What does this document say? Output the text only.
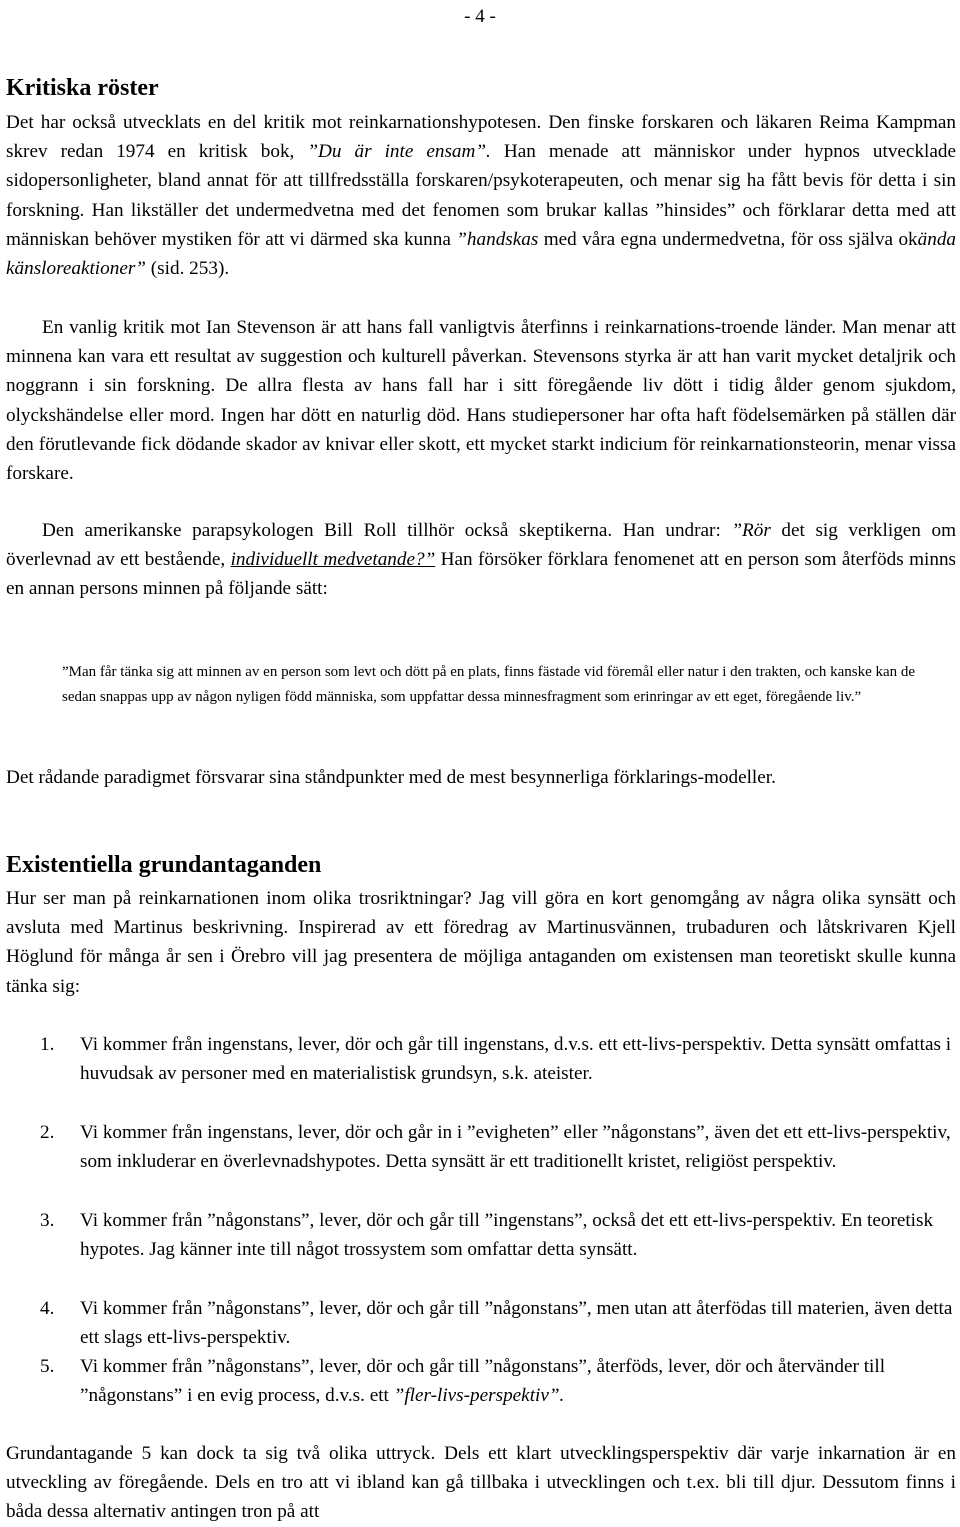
- 4 -
Kritiska röster

Det har också utvecklats en del kritik mot reinkarnationshypotesen. Den finske forskaren och läkaren Reima Kampman skrev redan 1974 en kritisk bok, ”Du är inte ensam”. Han menade att människor under hypnos utvecklade sidopersonligheter, bland annat för att tillfredsställa forskaren/psykoterapeuten, och menar sig ha fått bevis för detta i sin forskning. Han likställer det undermedvetna med det fenomen som brukar kallas ”hinsides” och förklarar detta med att människan behöver mystiken för att vi därmed ska kunna ”handskas med våra egna undermedvetna, för oss själva okända känsloreaktioner” (sid. 253).

En vanlig kritik mot Ian Stevenson är att hans fall vanligtvis återfinns i reinkarnations-troende länder. Man menar att minnena kan vara ett resultat av suggestion och kulturell påverkan. Stevensons styrka är att han varit mycket detaljrik och noggrann i sin forskning. De allra flesta av hans fall har i sitt föregående liv dött i tidig ålder genom sjukdom, olyckshändelse eller mord. Ingen har dött en naturlig död. Hans studiepersoner har ofta haft födelsemärken på ställen där den förutlevande fick dödande skador av knivar eller skott, ett mycket starkt indicium för reinkarnationsteorin, menar vissa forskare.

Den amerikanske parapsykologen Bill Roll tillhör också skeptikerna. Han undrar: ”Rör det sig verkligen om överlevnad av ett bestående, individuellt medvetande?” Han försöker förklara fenomenet att en person som återföds minns en annan persons minnen på följande sätt:

”Man får tänka sig att minnen av en person som levt och dött på en plats, finns fästade vid föremål eller natur i den trakten, och kanske kan de sedan snappas upp av någon nyligen född människa, som uppfattar dessa minnesfragment som erinringar av ett eget, föregående liv.”

Det rådande paradigmet försvarar sina ståndpunkter med de mest besynnerliga förklarings-modeller.

Existentiella grundantaganden

Hur ser man på reinkarnationen inom olika trosriktningar? Jag vill göra en kort genomgång av några olika synsätt och avsluta med Martinus beskrivning. Inspirerad av ett föredrag av Martinusvännen, trubaduren och låtskrivaren Kjell Höglund för många år sen i Örebro vill jag presentera de möjliga antaganden om existensen man teoretiskt skulle kunna tänka sig:

1. Vi kommer från ingenstans, lever, dör och går till ingenstans, d.v.s. ett ett-livs-perspektiv. Detta synsätt omfattas i huvudsak av personer med en materialistisk grundsyn, s.k. ateister.
2. Vi kommer från ingenstans, lever, dör och går in i ”evigheten” eller ”någonstans”, även det ett ett-livs-perspektiv, som inkluderar en överlevnadshypotes. Detta synsätt är ett traditionellt kristet, religiöst perspektiv.
3. Vi kommer från ”någonstans”, lever, dör och går till ”ingenstans”, också det ett ett-livs-perspektiv. En teoretisk hypotes. Jag känner inte till något trossystem som omfattar detta synsätt.
4. Vi kommer från ”någonstans”, lever, dör och går till ”någonstans”, men utan att återfödas till materien, även detta ett slags ett-livs-perspektiv.
5. Vi kommer från ”någonstans”, lever, dör och går till ”någonstans”, återföds, lever, dör och återvänder till ”någonstans” i en evig process, d.v.s. ett ”fler-livs-perspektiv”.

Grundantagande 5 kan dock ta sig två olika uttryck. Dels ett klart utvecklingsperspektiv där varje inkarnation är en utveckling av föregående. Dels en tro att vi ibland kan gå tillbaka i utvecklingen och t.ex. bli till djur. Dessutom finns i båda dessa alternativ antingen tron på att
